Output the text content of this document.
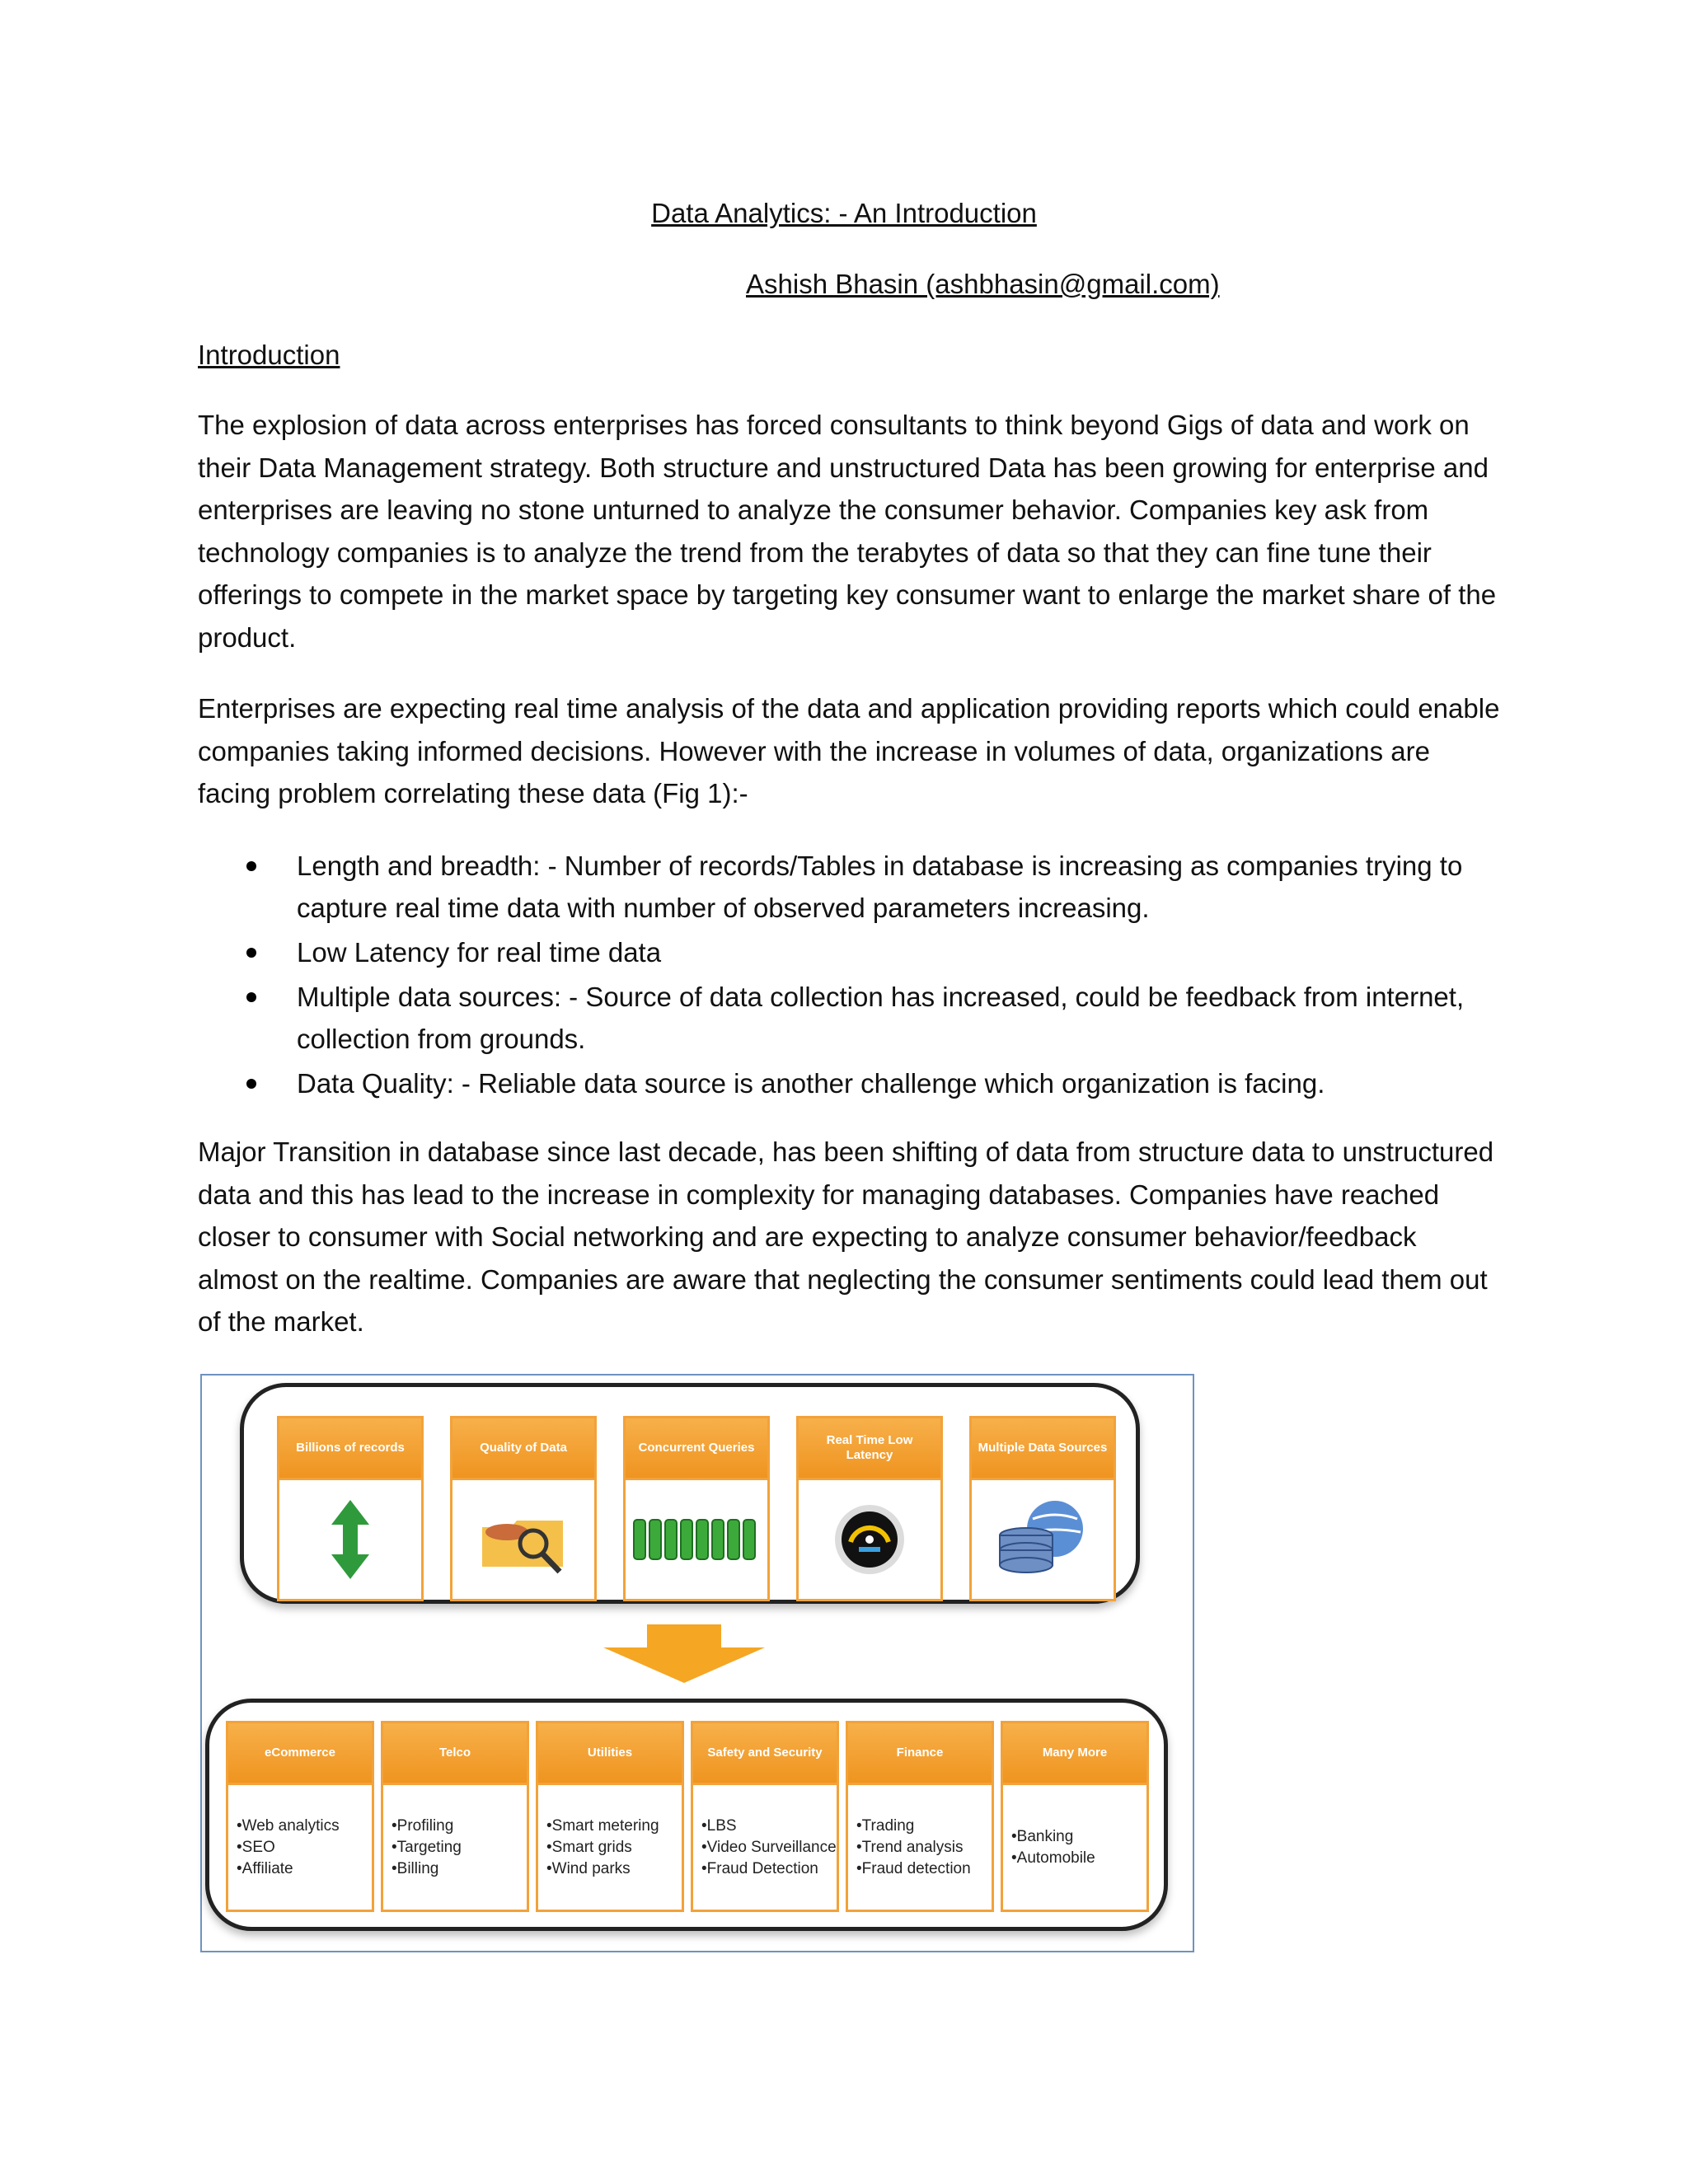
Data Analytics: - An Introduction
Ashish Bhasin (ashbhasin@gmail.com)
Introduction

The explosion of data across enterprises has forced consultants to think beyond Gigs of data and work on their Data Management strategy. Both structure and unstructured Data has been growing for enterprise and enterprises are leaving no stone unturned to analyze the consumer behavior. Companies key ask from technology companies is to analyze the trend from the terabytes of data so that they can fine tune their offerings to compete in the market space by targeting key consumer want to enlarge the market share of the product.

Enterprises are expecting real time analysis of the data and application providing reports which could enable companies taking informed decisions. However with the increase in volumes of data, organizations are facing problem correlating these data (Fig 1):-

Length and breadth: - Number of records/Tables in database is increasing as companies trying to capture real time data with number of observed parameters increasing.
Low Latency for real time data
Multiple data sources: - Source of data collection has increased, could be feedback from internet, collection from grounds.
Data Quality: - Reliable data source is another challenge which organization is facing.

Major Transition in database since last decade, has been shifting of data from structure data to unstructured data and this has lead to the increase in complexity for managing databases. Companies have reached closer to consumer with Social networking and are expecting to analyze consumer behavior/feedback almost on the realtime. Companies are aware that neglecting the consumer sentiments could lead them out of the market.

Billions of records	Quality of Data	Concurrent Queries
Real Time Low Latency
Multiple Data Sources
eCommerce
•Web analytics
•SEO
•Affiliate
Telco
•Profiling
•Targeting
•Billing
Utilities
•Smart metering
•Smart grids
•Wind parks
Safety and Security
•LBS
•Video Surveillance
•Fraud Detection
Finance
•Trading
•Trend analysis
•Fraud detection
Many More
•Banking
•Automobile
